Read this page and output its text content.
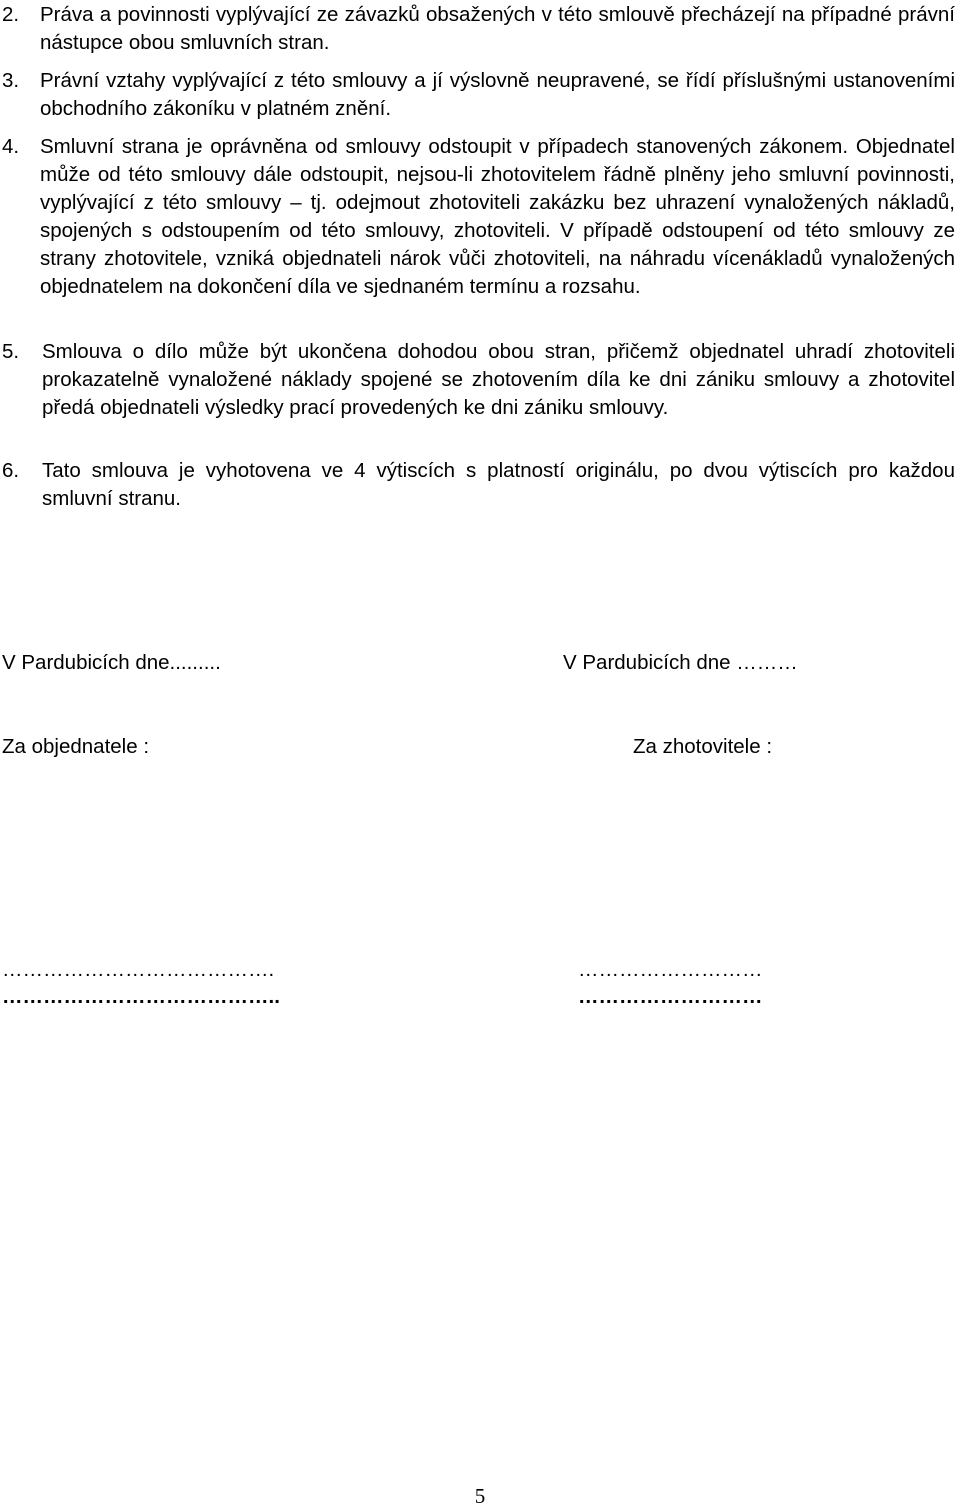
2. Práva a povinnosti vyplývající ze závazků obsažených v této smlouvě přecházejí na případné právní nástupce obou smluvních stran.
3. Právní vztahy vyplývající z této smlouvy a jí výslovně neupravené, se řídí příslušnými ustanoveními obchodního zákoníku v platném znění.
4. Smluvní strana je oprávněna od smlouvy odstoupit v případech stanovených zákonem. Objednatel může od této smlouvy dále odstoupit, nejsou-li zhotovitelem řádně plněny jeho smluvní povinnosti, vyplývající z této smlouvy – tj. odejmout zhotoviteli zakázku bez uhrazení vynaložených nákladů, spojených s odstoupením od této smlouvy, zhotoviteli. V případě odstoupení od této smlouvy ze strany zhotovitele, vzniká objednateli nárok vůči zhotoviteli, na náhradu vícenákladů vynaložených objednatelem na dokončení díla ve sjednaném termínu a rozsahu.
5. Smlouva o dílo může být ukončena dohodou obou stran, přičemž objednatel uhradí zhotoviteli prokazatelně vynaložené náklady spojené se zhotovením díla ke dni zániku smlouvy a zhotovitel předá objednateli výsledky prací provedených ke dni zániku smlouvy.
6. Tato smlouva je vyhotovena ve 4 výtiscích s platností originálu, po dvou výtiscích pro každou smluvní stranu.
V Pardubicích dne.........	V Pardubicích dne ………
Za objednatele :	Za zhotovitele :
………………………………….
…………………………………..
………………………
………………………
5
